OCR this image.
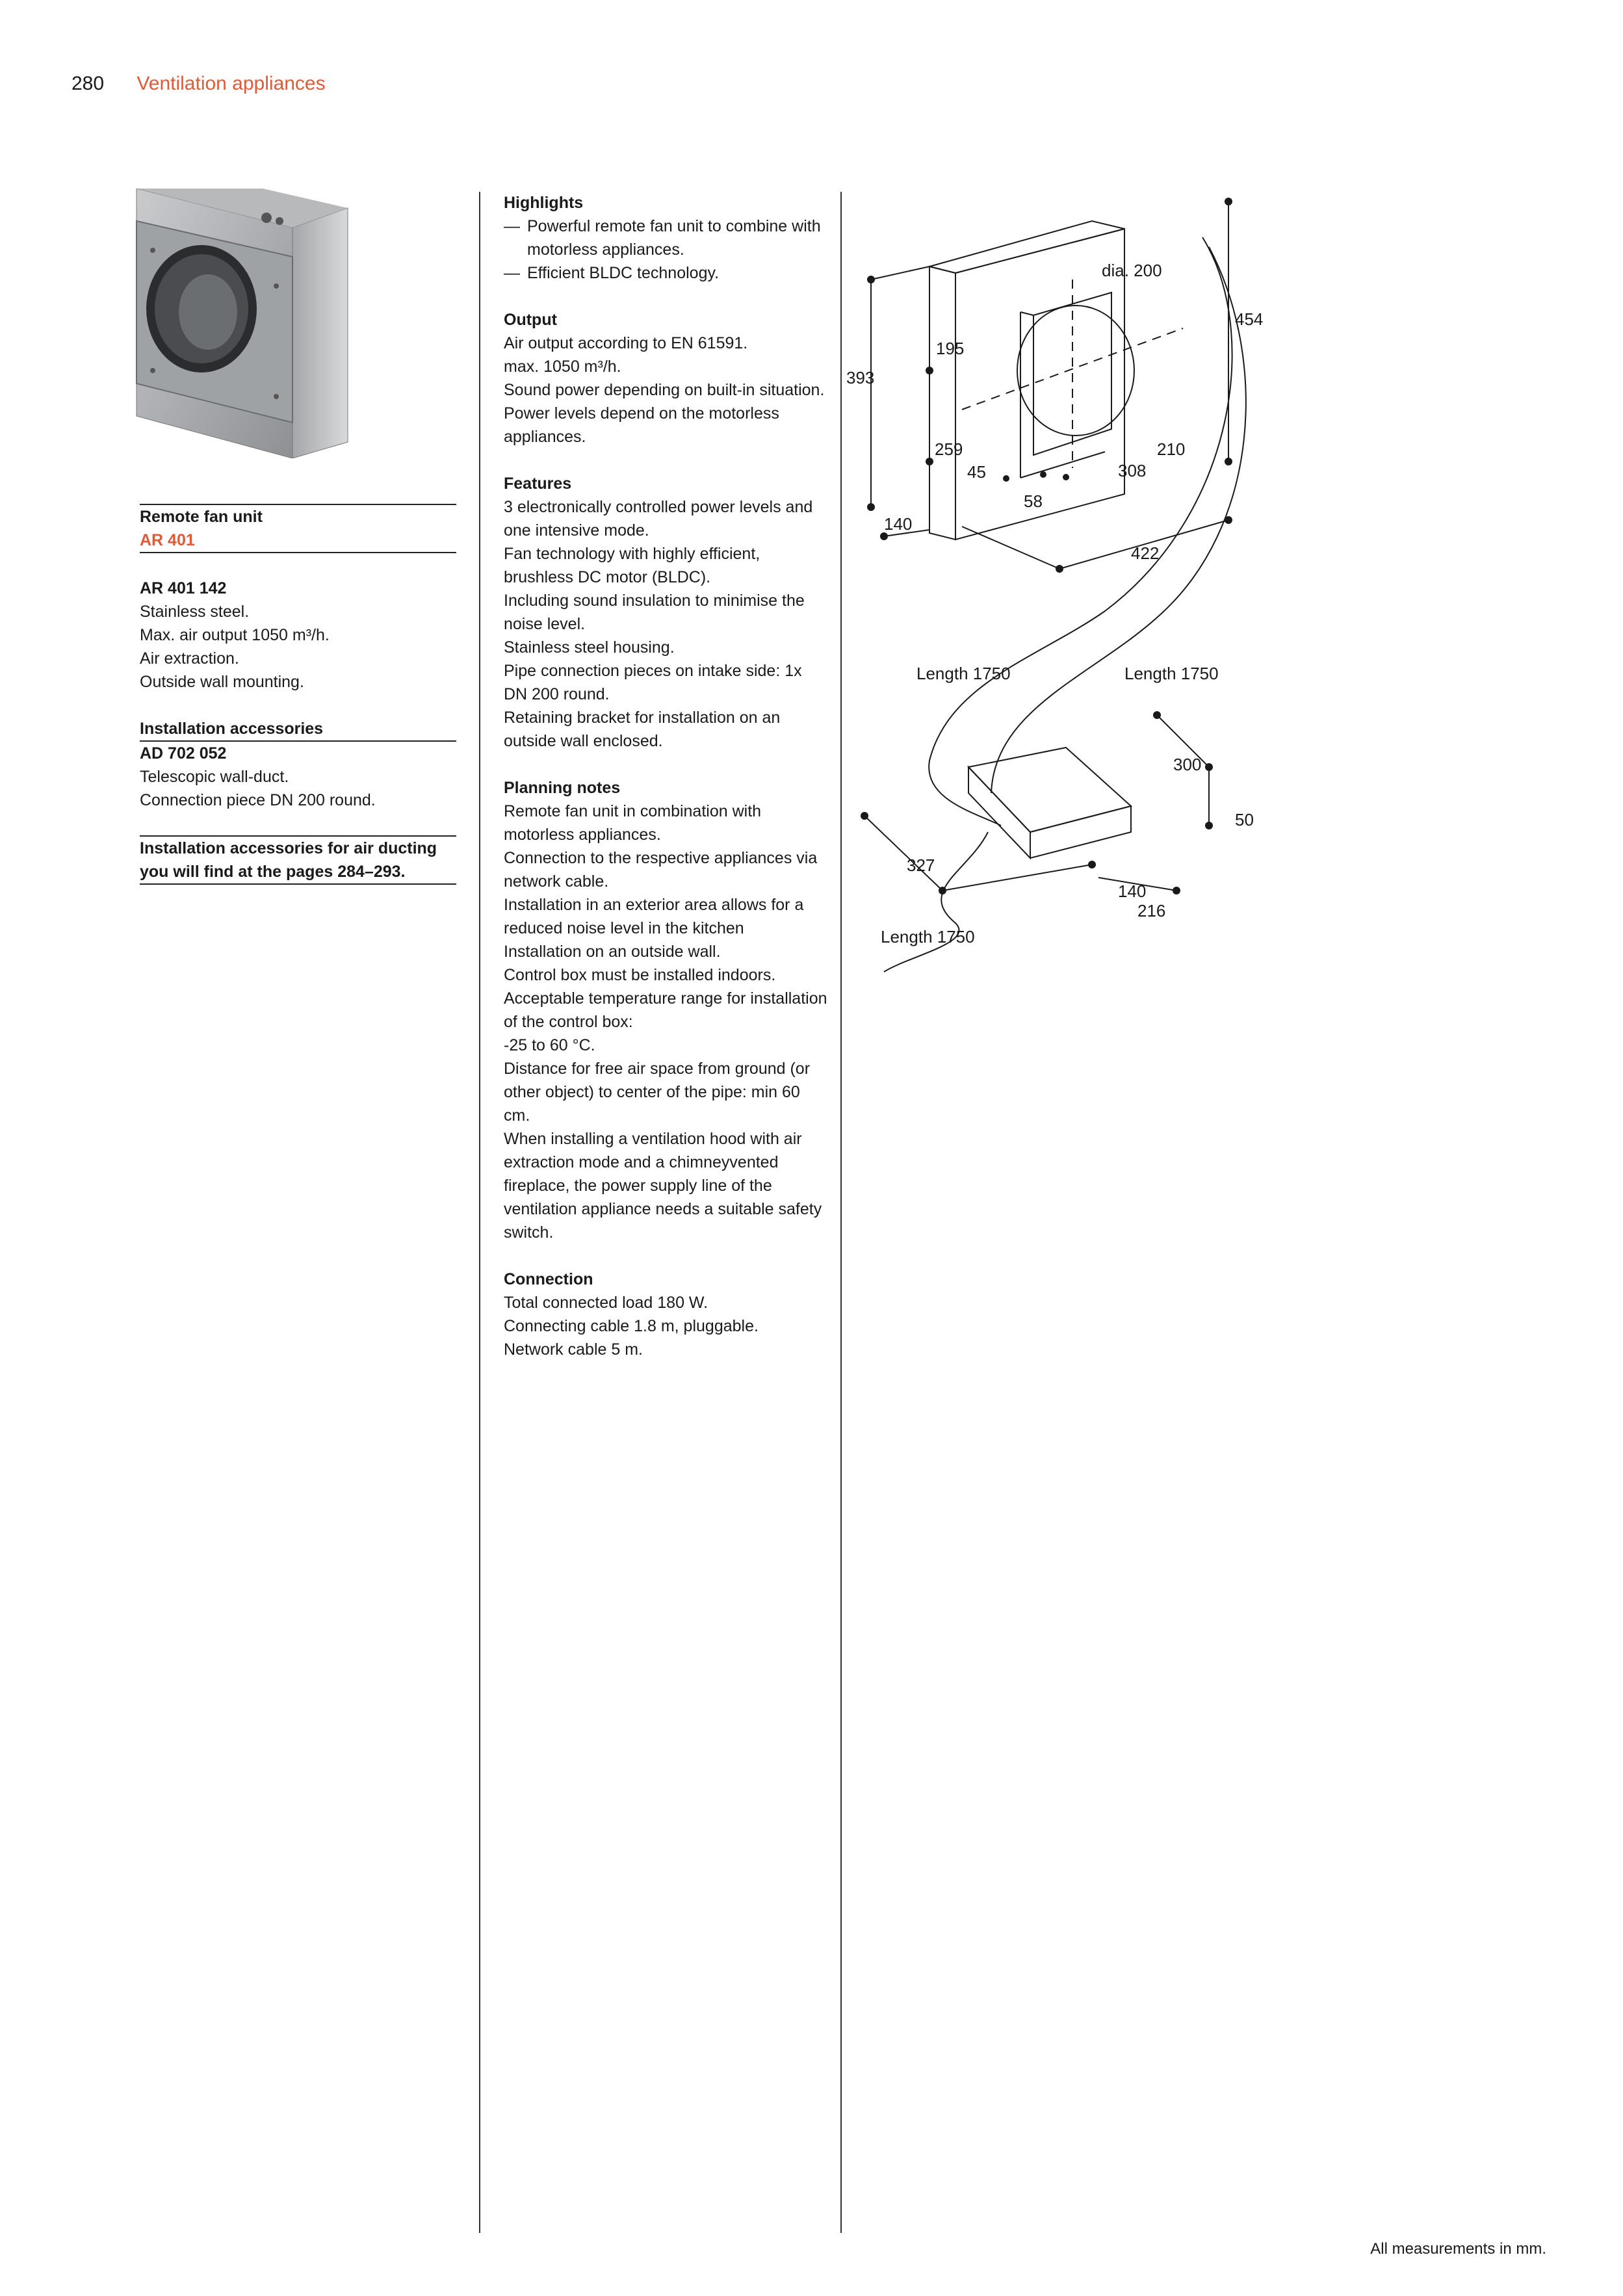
280 Ventilation appliances

Remote fan unit

AR 401

AR 401 142

Stainless steel.

Max. air output 1050 m³/h.

Air extraction.

Outside wall mounting.

Installation accessories

AD 702 052

Telescopic wall-duct.

Connection piece DN 200 round.

Installation accessories for air ducting you will find at the pages 284–293.

Highlights

— Powerful remote fan unit to combine with motorless appliances.
— Efficient BLDC technology.

Output

Air output according to EN 61591.

max. 1050 m³/h.

Sound power depending on built-in situation.

Power levels depend on the motorless appliances.

Features

3 electronically controlled power levels and one intensive mode.

Fan technology with highly efficient, brushless DC motor (BLDC).

Including sound insulation to minimise the noise level.

Stainless steel housing.

Pipe connection pieces on intake side: 1x DN 200 round.

Retaining bracket for installation on an outside wall enclosed.

Planning notes

Remote fan unit in combination with motorless appliances.

Connection to the respective appliances via network cable.

Installation in an exterior area allows for a reduced noise level in the kitchen

Installation on an outside wall.

Control box must be installed indoors.

Acceptable temperature range for installation of the control box:

-25 to 60 °C.

Distance for free air space from ground (or other object) to center of the pipe: min 60 cm.

When installing a ventilation hood with air extraction mode and a chimneyvented fireplace, the power supply line of the ventilation appliance needs a suitable safety switch.

Connection

Total connected load 180 W.

Connecting cable 1.8 m, pluggable.

Network cable 5 m.

dia. 200
454
393
195
259	210
45	308
58
140
422
Length 1750	Length 1750
300
50
327
140
216
Length 1750
All measurements in mm.
